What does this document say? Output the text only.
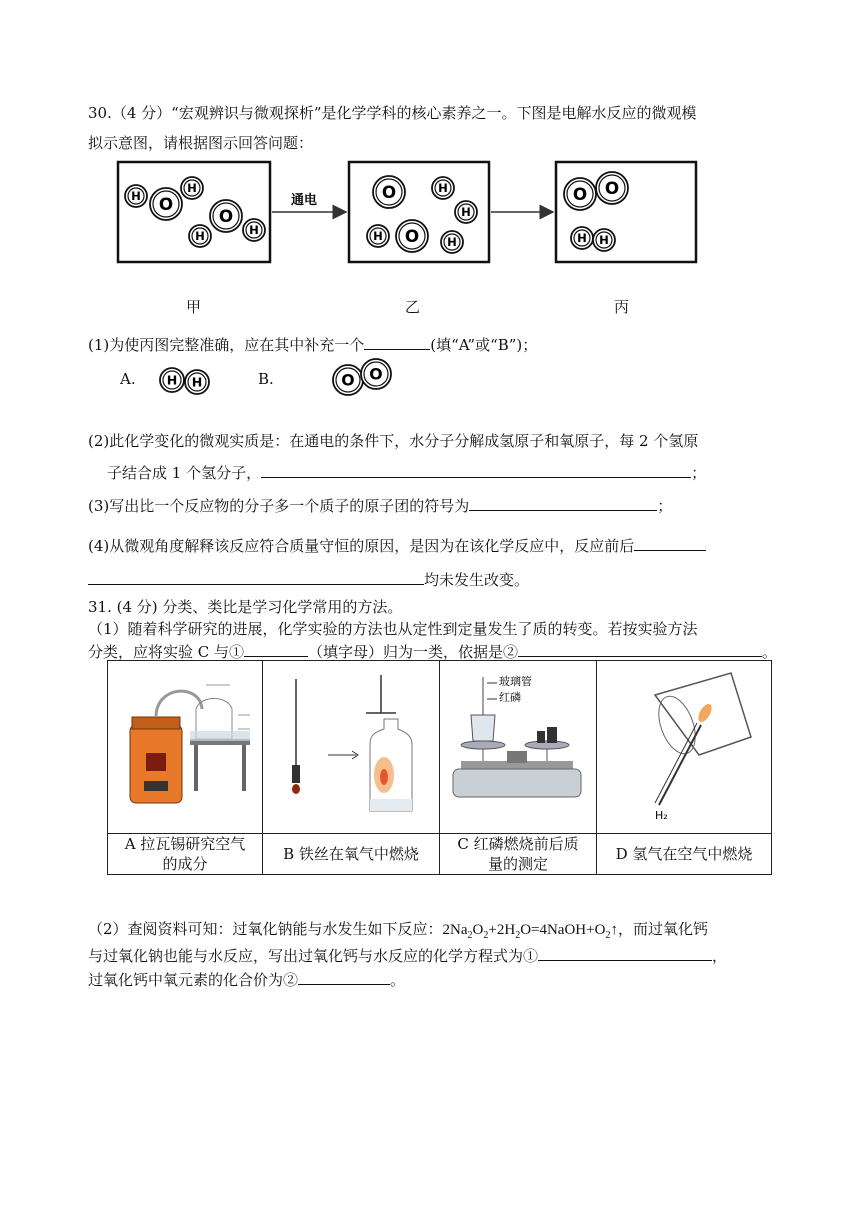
30.（4 分）“宏观辨识与微观探析”是化学学科的核心素养之一。下图是电解水反应的微观模
拟示意图，请根据图示回答问题：
通电
H O
H
H
O
H
O	H
H
H O H
O O
H H
甲	乙	丙
(1)为使丙图完整准确，应在其中补充一个	(填“A”或“B”)；
A.	B.
H H	O O
(2)此化学变化的微观实质是：在通电的条件下，水分子分解成氢原子和氧原子，每 2 个氢原
子结合成 1 个氢分子，	；
(3)写出比一个反应物的分子多一个质子的原子团的符号为	；
(4)从微观角度解释该反应符合质量守恒的原因，是因为在该化学反应中，反应前后
均未发生改变。
31. (4 分) 分类、类比是学习化学常用的方法。
（1）随着科学研究的进展，化学实验的方法也从定性到定量发生了质的转变。若按实验方法
分类，应将实验 C 与①	（填字母）归为一类，依据是②	。

玻璃管
红磷	H₂

A 拉瓦锡研究空气
的成分	B 铁丝在氧气中燃烧	C 红磷燃烧前后质
量的测定	D 氢气在空气中燃烧
（2）查阅资料可知：过氧化钠能与水发生如下反应：$2Na_2O_2+2H_2O=4NaOH+O_2↑$，而过氧化钙
与过氧化钠也能与水反应，写出过氧化钙与水反应的化学方程式为①	，
过氧化钙中氧元素的化合价为②	。
